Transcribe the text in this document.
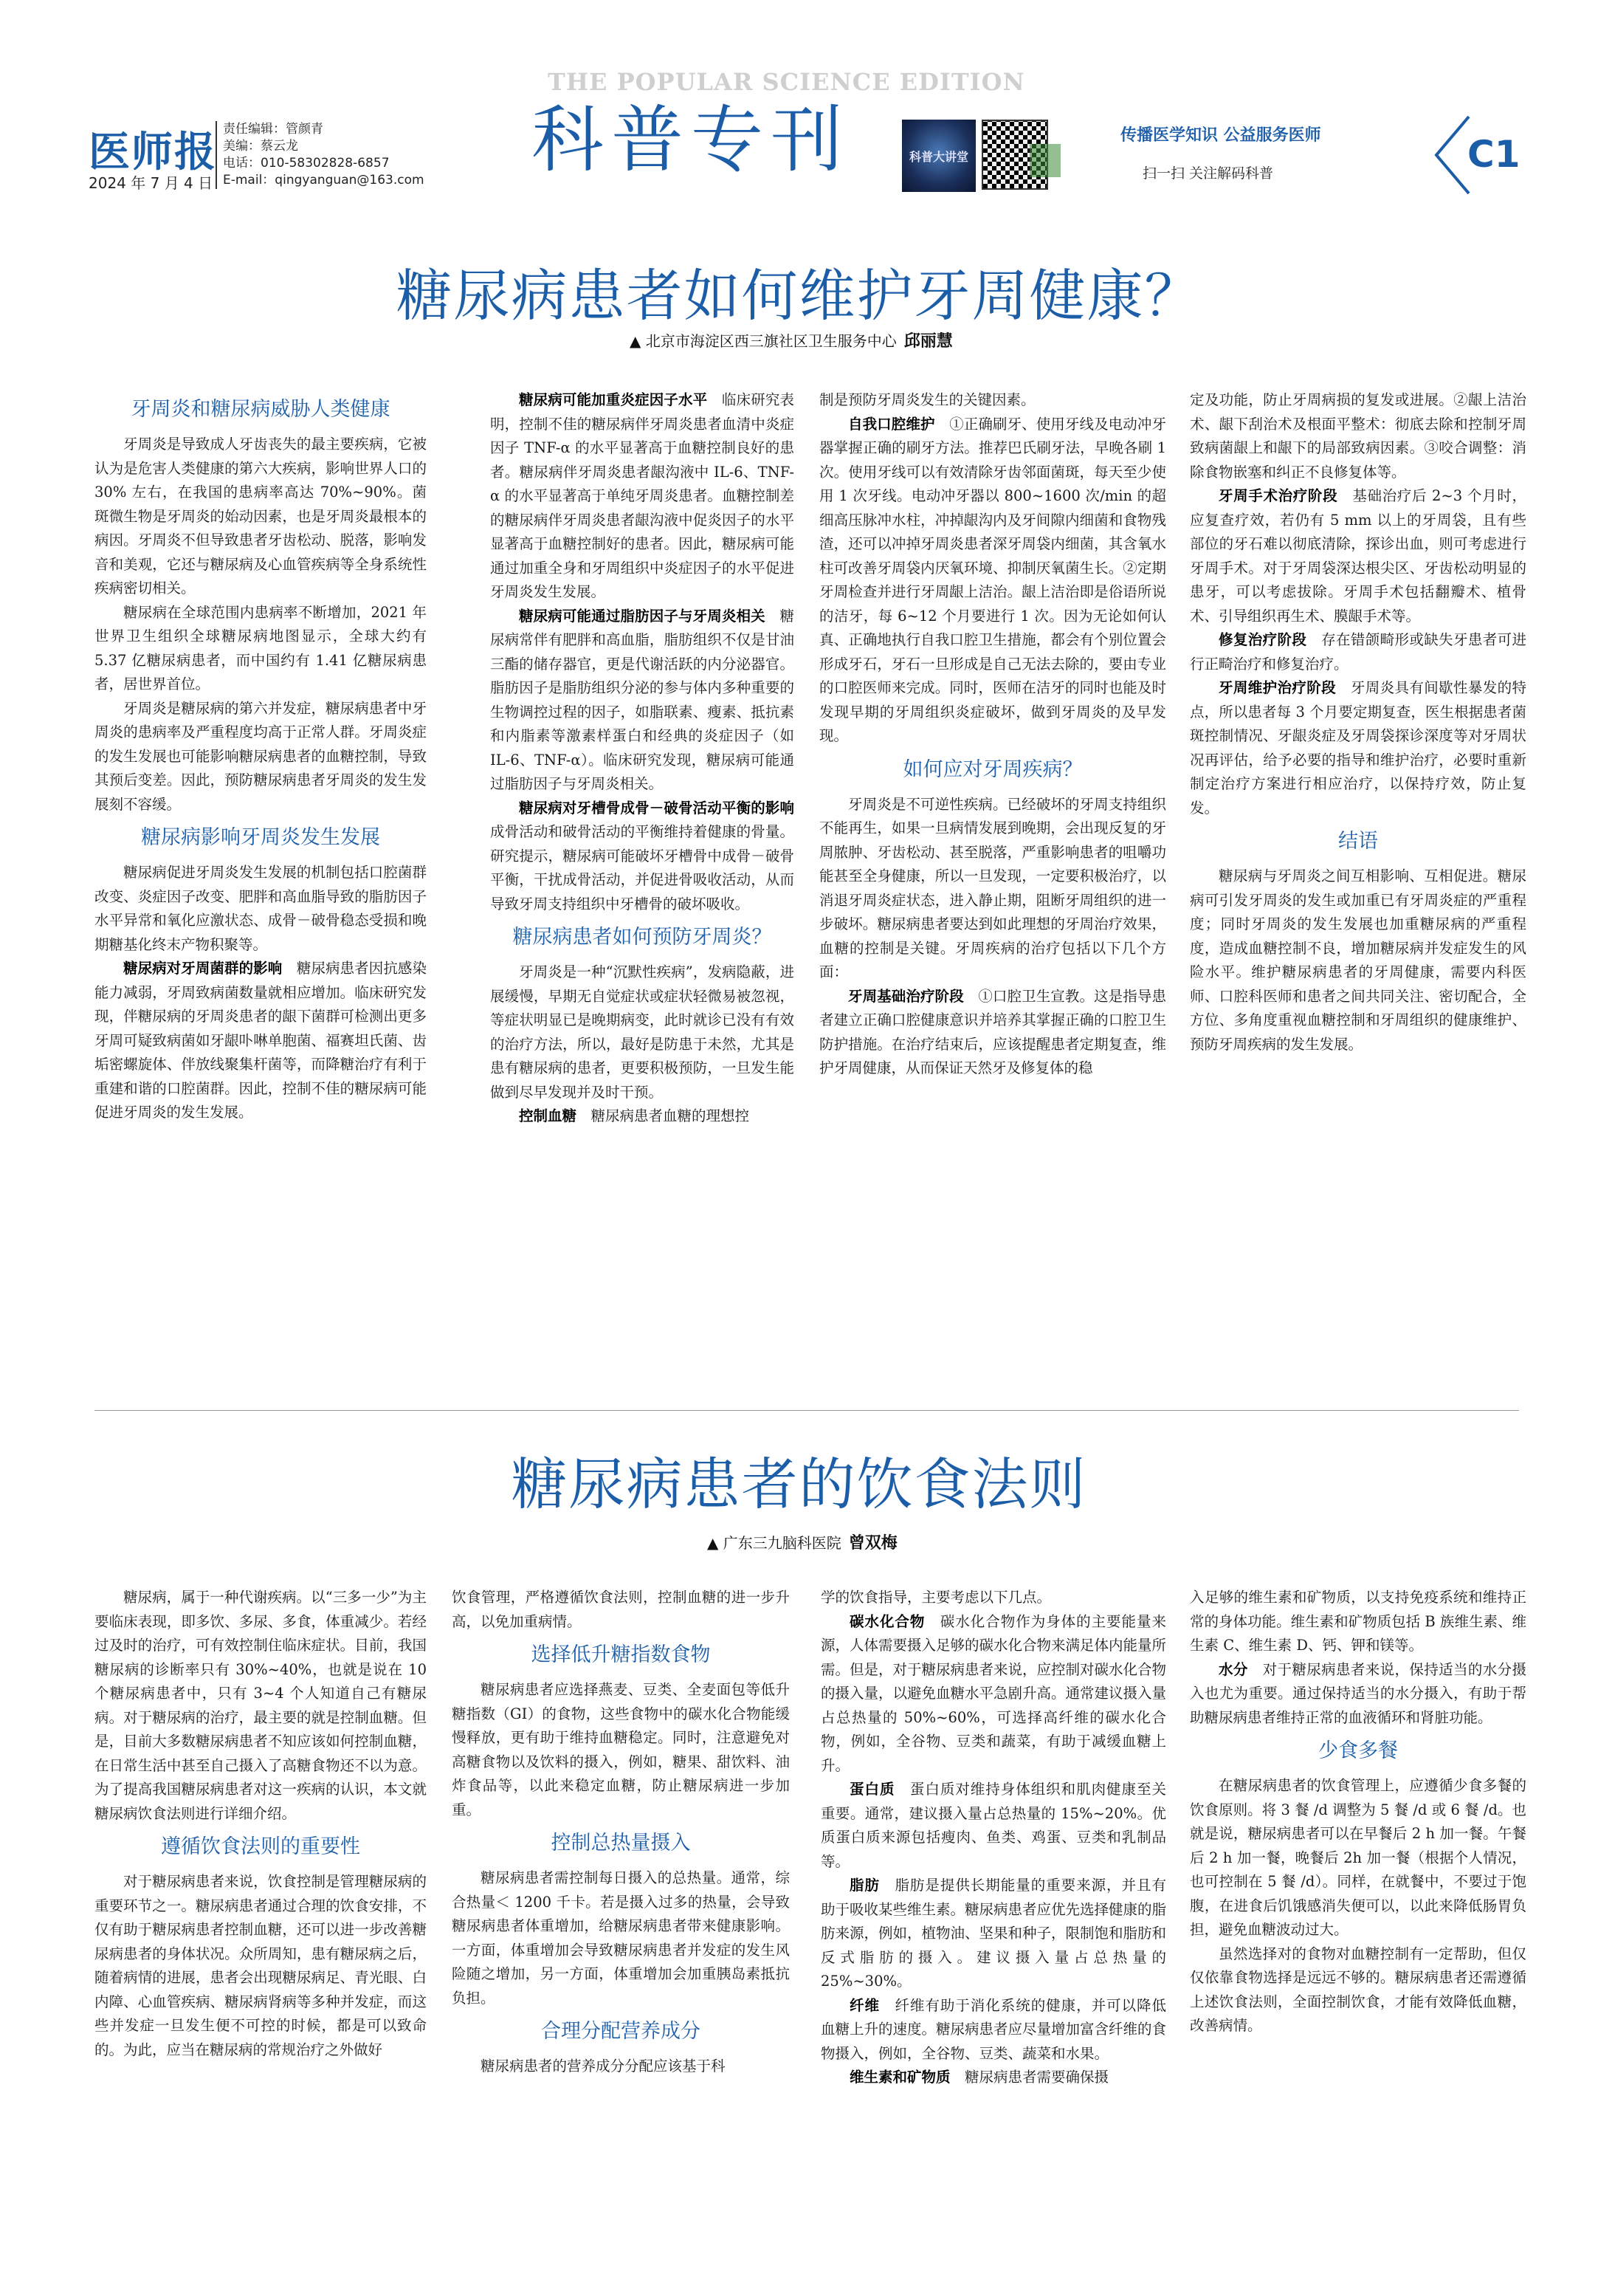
医师报
2024 年 7 月 4 日
责任编辑：管颜青
美编：蔡云龙
电话：010-58302828-6857
E-mail：qingyanguan@163.com
THE POPULAR SCIENCE EDITION
科普专刊	科普大讲堂
传播医学知识 公益服务医师
扫一扫 关注解码科普	C1
糖尿病患者如何维护牙周健康？
▲ 北京市海淀区西三旗社区卫生服务中心 邱丽慧
牙周炎和糖尿病威胁人类健康

牙周炎是导致成人牙齿丧失的最主要疾病，它被认为是危害人类健康的第六大疾病，影响世界人口的 30% 左右，在我国的患病率高达 70%~90%。菌斑微生物是牙周炎的始动因素，也是牙周炎最根本的病因。牙周炎不但导致患者牙齿松动、脱落，影响发音和美观，它还与糖尿病及心血管疾病等全身系统性疾病密切相关。

糖尿病在全球范围内患病率不断增加，2021 年世界卫生组织全球糖尿病地图显示，全球大约有 5.37 亿糖尿病患者，而中国约有 1.41 亿糖尿病患者，居世界首位。

牙周炎是糖尿病的第六并发症，糖尿病患者中牙周炎的患病率及严重程度均高于正常人群。牙周炎症的发生发展也可能影响糖尿病患者的血糖控制，导致其预后变差。因此，预防糖尿病患者牙周炎的发生发展刻不容缓。

糖尿病影响牙周炎发生发展

糖尿病促进牙周炎发生发展的机制包括口腔菌群改变、炎症因子改变、肥胖和高血脂导致的脂肪因子水平异常和氧化应激状态、成骨－破骨稳态受损和晚期糖基化终末产物积聚等。

糖尿病对牙周菌群的影响　 糖尿病患者因抗感染能力减弱，牙周致病菌数量就相应增加。临床研究发现，伴糖尿病的牙周炎患者的龈下菌群可检测出更多牙周可疑致病菌如牙龈卟啉单胞菌、福赛坦氏菌、齿垢密螺旋体、伴放线聚集杆菌等，而降糖治疗有利于重建和谐的口腔菌群。因此，控制不佳的糖尿病可能促进牙周炎的发生发展。

糖尿病可能加重炎症因子水平　 临床研究表明，控制不佳的糖尿病伴牙周炎患者血清中炎症因子 TNF-α 的水平显著高于血糖控制良好的患者。糖尿病伴牙周炎患者龈沟液中 IL-6、TNF-α 的水平显著高于单纯牙周炎患者。血糖控制差的糖尿病伴牙周炎患者龈沟液中促炎因子的水平显著高于血糖控制好的患者。因此，糖尿病可能通过加重全身和牙周组织中炎症因子的水平促进牙周炎发生发展。

糖尿病可能通过脂肪因子与牙周炎相关　 糖尿病常伴有肥胖和高血脂，脂肪组织不仅是甘油三酯的储存器官，更是代谢活跃的内分泌器官。脂肪因子是脂肪组织分泌的参与体内多种重要的生物调控过程的因子，如脂联素、瘦素、抵抗素和内脂素等激素样蛋白和经典的炎症因子（如 IL-6、TNF-α）。临床研究发现，糖尿病可能通过脂肪因子与牙周炎相关。

糖尿病对牙槽骨成骨－破骨活动平衡的影响　成骨活动和破骨活动的平衡维持着健康的骨量。研究提示，糖尿病可能破坏牙槽骨中成骨－破骨平衡，干扰成骨活动，并促进骨吸收活动，从而导致牙周支持组织中牙槽骨的破坏吸收。

糖尿病患者如何预防牙周炎？

牙周炎是一种“沉默性疾病”，发病隐蔽，进展缓慢，早期无自觉症状或症状轻微易被忽视，等症状明显已是晚期病变，此时就诊已没有有效的治疗方法，所以，最好是防患于未然，尤其是患有糖尿病的患者，更要积极预防，一旦发生能做到尽早发现并及时干预。

控制血糖　 糖尿病患者血糖的理想控

制是预防牙周炎发生的关键因素。

自我口腔维护　 ①正确刷牙、使用牙线及电动冲牙器掌握正确的刷牙方法。推荐巴氏刷牙法，早晚各刷 1 次。使用牙线可以有效清除牙齿邻面菌斑，每天至少使用 1 次牙线。电动冲牙器以 800~1600 次/min 的超细高压脉冲水柱，冲掉龈沟内及牙间隙内细菌和食物残渣，还可以冲掉牙周炎患者深牙周袋内细菌，其含氧水柱可改善牙周袋内厌氧环境、抑制厌氧菌生长。②定期牙周检查并进行牙周龈上洁治。龈上洁治即是俗语所说的洁牙，每 6~12 个月要进行 1 次。因为无论如何认真、正确地执行自我口腔卫生措施，都会有个别位置会形成牙石，牙石一旦形成是自己无法去除的，要由专业的口腔医师来完成。同时，医师在洁牙的同时也能及时发现早期的牙周组织炎症破坏，做到牙周炎的及早发现。

如何应对牙周疾病？

牙周炎是不可逆性疾病。已经破坏的牙周支持组织不能再生，如果一旦病情发展到晚期，会出现反复的牙周脓肿、牙齿松动、甚至脱落，严重影响患者的咀嚼功能甚至全身健康，所以一旦发现，一定要积极治疗，以消退牙周炎症状态，进入静止期，阻断牙周组织的进一步破坏。糖尿病患者要达到如此理想的牙周治疗效果，血糖的控制是关键。牙周疾病的治疗包括以下几个方面：

牙周基础治疗阶段　 ①口腔卫生宣教。这是指导患者建立正确口腔健康意识并培养其掌握正确的口腔卫生防护措施。在治疗结束后，应该提醒患者定期复查，维护牙周健康，从而保证天然牙及修复体的稳

定及功能，防止牙周病损的复发或进展。②龈上洁治术、龈下刮治术及根面平整术：彻底去除和控制牙周致病菌龈上和龈下的局部致病因素。③咬合调整：消除食物嵌塞和纠正不良修复体等。

牙周手术治疗阶段　 基础治疗后 2~3 个月时，应复查疗效，若仍有 5 mm 以上的牙周袋，且有些部位的牙石难以彻底清除，探诊出血，则可考虑进行牙周手术。对于牙周袋深达根尖区、牙齿松动明显的患牙，可以考虑拔除。牙周手术包括翻瓣术、植骨术、引导组织再生术、膜龈手术等。

修复治疗阶段　 存在错颌畸形或缺失牙患者可进行正畸治疗和修复治疗。

牙周维护治疗阶段　 牙周炎具有间歇性暴发的特点，所以患者每 3 个月要定期复查，医生根据患者菌斑控制情况、牙龈炎症及牙周袋探诊深度等对牙周状况再评估，给予必要的指导和维护治疗，必要时重新制定治疗方案进行相应治疗，以保持疗效，防止复发。

结语

糖尿病与牙周炎之间互相影响、互相促进。糖尿病可引发牙周炎的发生或加重已有牙周炎症的严重程度；同时牙周炎的发生发展也加重糖尿病的严重程度，造成血糖控制不良，增加糖尿病并发症发生的风险水平。维护糖尿病患者的牙周健康，需要内科医师、口腔科医师和患者之间共同关注、密切配合，全方位、多角度重视血糖控制和牙周组织的健康维护、预防牙周疾病的发生发展。

糖尿病患者的饮食法则
▲ 广东三九脑科医院 曾双梅

糖尿病，属于一种代谢疾病。以“三多一少”为主要临床表现，即多饮、多尿、多食，体重减少。若经过及时的治疗，可有效控制住临床症状。目前，我国糖尿病的诊断率只有 30%~40%，也就是说在 10 个糖尿病患者中，只有 3~4 个人知道自己有糖尿病。对于糖尿病的治疗，最主要的就是控制血糖。但是，目前大多数糖尿病患者不知应该如何控制血糖，在日常生活中甚至自己摄入了高糖食物还不以为意。为了提高我国糖尿病患者对这一疾病的认识，本文就糖尿病饮食法则进行详细介绍。

遵循饮食法则的重要性

对于糖尿病患者来说，饮食控制是管理糖尿病的重要环节之一。糖尿病患者通过合理的饮食安排，不仅有助于糖尿病患者控制血糖，还可以进一步改善糖尿病患者的身体状况。众所周知，患有糖尿病之后，随着病情的进展，患者会出现糖尿病足、青光眼、白内障、心血管疾病、糖尿病肾病等多种并发症，而这些并发症一旦发生便不可控的时候，都是可以致命的。为此，应当在糖尿病的常规治疗之外做好

饮食管理，严格遵循饮食法则，控制血糖的进一步升高，以免加重病情。

选择低升糖指数食物

糖尿病患者应选择燕麦、豆类、全麦面包等低升糖指数（GI）的食物，这些食物中的碳水化合物能缓慢释放，更有助于维持血糖稳定。同时，注意避免对高糖食物以及饮料的摄入，例如，糖果、甜饮料、油炸食品等，以此来稳定血糖，防止糖尿病进一步加重。

控制总热量摄入

糖尿病患者需控制每日摄入的总热量。通常，综合热量＜ 1200 千卡。若是摄入过多的热量，会导致糖尿病患者体重增加，给糖尿病患者带来健康影响。一方面，体重增加会导致糖尿病患者并发症的发生风险随之增加，另一方面，体重增加会加重胰岛素抵抗负担。

合理分配营养成分

糖尿病患者的营养成分分配应该基于科

学的饮食指导，主要考虑以下几点。

碳水化合物　 碳水化合物作为身体的主要能量来源，人体需要摄入足够的碳水化合物来满足体内能量所需。但是，对于糖尿病患者来说，应控制对碳水化合物的摄入量，以避免血糖水平急剧升高。通常建议摄入量占总热量的 50%~60%，可选择高纤维的碳水化合物，例如，全谷物、豆类和蔬菜，有助于减缓血糖上升。

蛋白质　 蛋白质对维持身体组织和肌肉健康至关重要。通常，建议摄入量占总热量的 15%~20%。优质蛋白质来源包括瘦肉、鱼类、鸡蛋、豆类和乳制品等。

脂肪　 脂肪是提供长期能量的重要来源，并且有助于吸收某些维生素。糖尿病患者应优先选择健康的脂肪来源，例如，植物油、坚果和种子，限制饱和脂肪和反式脂肪的摄入。建议摄入量占总热量的 25%~30%。

纤维　 纤维有助于消化系统的健康，并可以降低血糖上升的速度。糖尿病患者应尽量增加富含纤维的食物摄入，例如，全谷物、豆类、蔬菜和水果。

维生素和矿物质　 糖尿病患者需要确保摄

入足够的维生素和矿物质，以支持免疫系统和维持正常的身体功能。维生素和矿物质包括 B 族维生素、维生素 C、维生素 D、钙、钾和镁等。

水分　 对于糖尿病患者来说，保持适当的水分摄入也尤为重要。通过保持适当的水分摄入，有助于帮助糖尿病患者维持正常的血液循环和肾脏功能。

少食多餐

在糖尿病患者的饮食管理上，应遵循少食多餐的饮食原则。将 3 餐 /d 调整为 5 餐 /d 或 6 餐 /d。也就是说，糖尿病患者可以在早餐后 2 h 加一餐。午餐后 2 h 加一餐，晚餐后 2h 加一餐（根据个人情况，也可控制在 5 餐 /d）。同样，在就餐中，不要过于饱腹，在进食后饥饿感消失便可以，以此来降低肠胃负担，避免血糖波动过大。

虽然选择对的食物对血糖控制有一定帮助，但仅仅依靠食物选择是远远不够的。糖尿病患者还需遵循上述饮食法则，全面控制饮食，才能有效降低血糖，改善病情。
